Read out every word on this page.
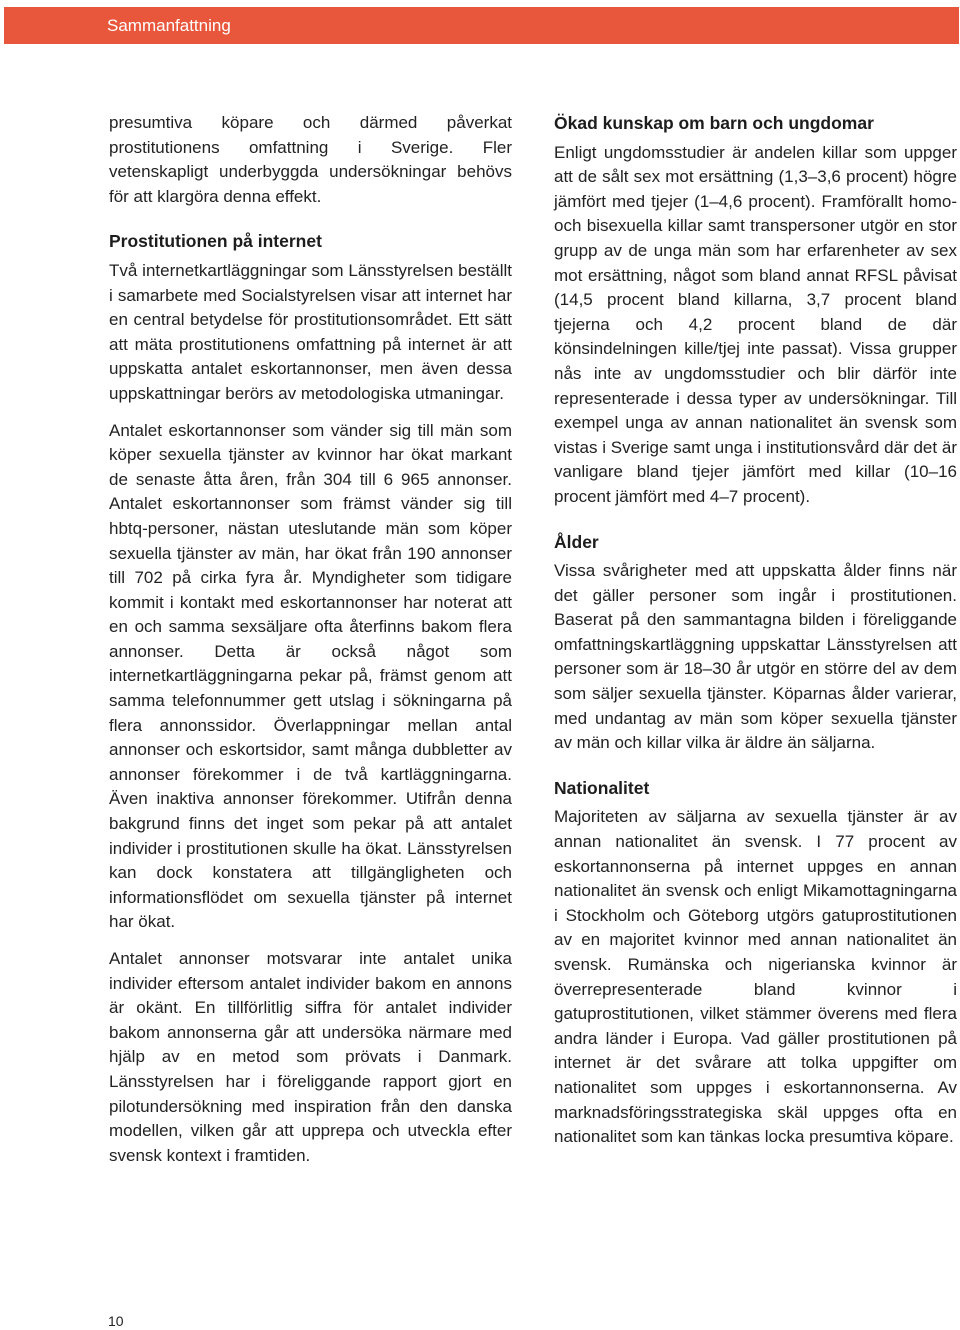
Sammanfattning

presumtiva köpare och därmed påverkat prostitutionens omfattning i Sverige. Fler vetenskapligt underbyggda undersökningar behövs för att klargöra denna effekt.

Prostitutionen på internet

Två internetkartläggningar som Länsstyrelsen beställt i samarbete med Socialstyrelsen visar att internet har en central betydelse för prostitutionsområdet. Ett sätt att mäta prostitutionens omfattning på internet är att uppskatta antalet eskortannonser, men även dessa uppskattningar berörs av metodologiska utmaningar.

Antalet eskortannonser som vänder sig till män som köper sexuella tjänster av kvinnor har ökat markant de senaste åtta åren, från 304 till 6 965 annonser. Antalet eskortannonser som främst vänder sig till hbtq-personer, nästan uteslutande män som köper sexuella tjänster av män, har ökat från 190 annonser till 702 på cirka fyra år. Myndigheter som tidigare kommit i kontakt med eskortannonser har noterat att en och samma sexsäljare ofta återfinns bakom flera annonser. Detta är också något som internetkartläggningarna pekar på, främst genom att samma telefonnummer gett utslag i sökningarna på flera annonssidor. Överlappningar mellan antal annonser och eskortsidor, samt många dubbletter av annonser förekommer i de två kartläggningarna. Även inaktiva annonser förekommer. Utifrån denna bakgrund finns det inget som pekar på att antalet individer i prostitutionen skulle ha ökat. Länsstyrelsen kan dock konstatera att tillgängligheten och informationsflödet om sexuella tjänster på internet har ökat.

Antalet annonser motsvarar inte antalet unika individer eftersom antalet individer bakom en annons är okänt. En tillförlitlig siffra för antalet individer bakom annonserna går att undersöka närmare med hjälp av en metod som prövats i Danmark. Länsstyrelsen har i föreliggande rapport gjort en pilotundersökning med inspiration från den danska modellen, vilken går att upprepa och utveckla efter svensk kontext i framtiden.

Ökad kunskap om barn och ungdomar

Enligt ungdomsstudier är andelen killar som uppger att de sålt sex mot ersättning (1,3–3,6 procent) högre jämfört med tjejer (1–4,6 procent). Framförallt homo- och bisexuella killar samt transpersoner utgör en stor grupp av de unga män som har erfarenheter av sex mot ersättning, något som bland annat RFSL påvisat (14,5 procent bland killarna, 3,7 procent bland tjejerna och 4,2 procent bland de där könsindelningen kille/tjej inte passat). Vissa grupper nås inte av ungdomsstudier och blir därför inte representerade i dessa typer av undersökningar. Till exempel unga av annan nationalitet än svensk som vistas i Sverige samt unga i institutionsvård där det är vanligare bland tjejer jämfört med killar (10–16 procent jämfört med 4–7 procent).

Ålder

Vissa svårigheter med att uppskatta ålder finns när det gäller personer som ingår i prostitutionen. Baserat på den sammantagna bilden i föreliggande omfattningskartläggning uppskattar Länsstyrelsen att personer som är 18–30 år utgör en större del av dem som säljer sexuella tjänster. Köparnas ålder varierar, med undantag av män som köper sexuella tjänster av män och killar vilka är äldre än säljarna.

Nationalitet

Majoriteten av säljarna av sexuella tjänster är av annan nationalitet än svensk. I 77 procent av eskortannonserna på internet uppges en annan nationalitet än svensk och enligt Mikamottagningarna i Stockholm och Göteborg utgörs gatuprostitutionen av en majoritet kvinnor med annan nationalitet än svensk. Rumänska och nigerianska kvinnor är överrepresenterade bland kvinnor i gatuprostitutionen, vilket stämmer överens med flera andra länder i Europa. Vad gäller prostitutionen på internet är det svårare att tolka uppgifter om nationalitet som uppges i eskortannonserna. Av marknadsföringsstrategiska skäl uppges ofta en nationalitet som kan tänkas locka presumtiva köpare.

10
